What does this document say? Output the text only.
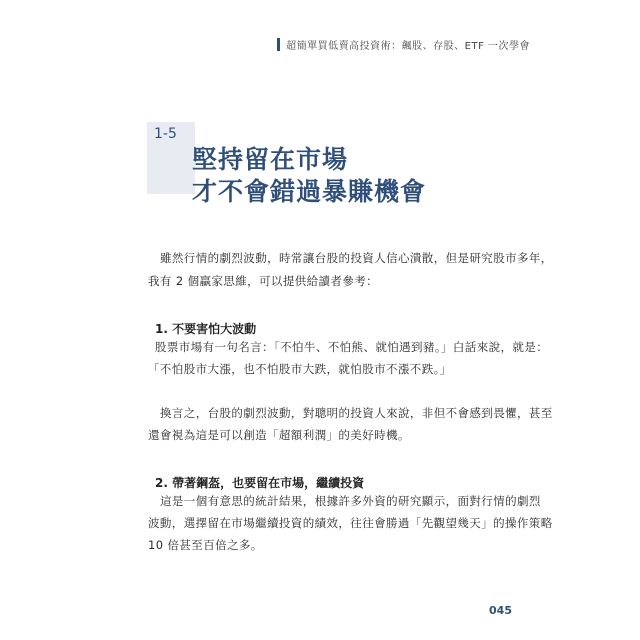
超簡單買低賣高投資術：飆股、存股、ETF 一次學會
1-5
堅持留在市場
才不會錯過暴賺機會
雖然行情的劇烈波動，時常讓台股的投資人信心潰散，但是研究股市多年，
我有 2 個贏家思維，可以提供給讀者參考：
1. 不要害怕大波動
股票市場有一句名言：「不怕牛、不怕熊、就怕遇到豬。」白話來說，就是：
「不怕股市大漲，也不怕股市大跌，就怕股市不漲不跌。」
換言之，台股的劇烈波動，對聰明的投資人來說，非但不會感到畏懼，甚至
還會視為這是可以創造「超額利潤」的美好時機。
2. 帶著鋼盔，也要留在市場，繼續投資
這是一個有意思的統計結果，根據許多外資的研究顯示，面對行情的劇烈
波動，選擇留在市場繼續投資的績效，往往會勝過「先觀望幾天」的操作策略
10 倍甚至百倍之多。
045
